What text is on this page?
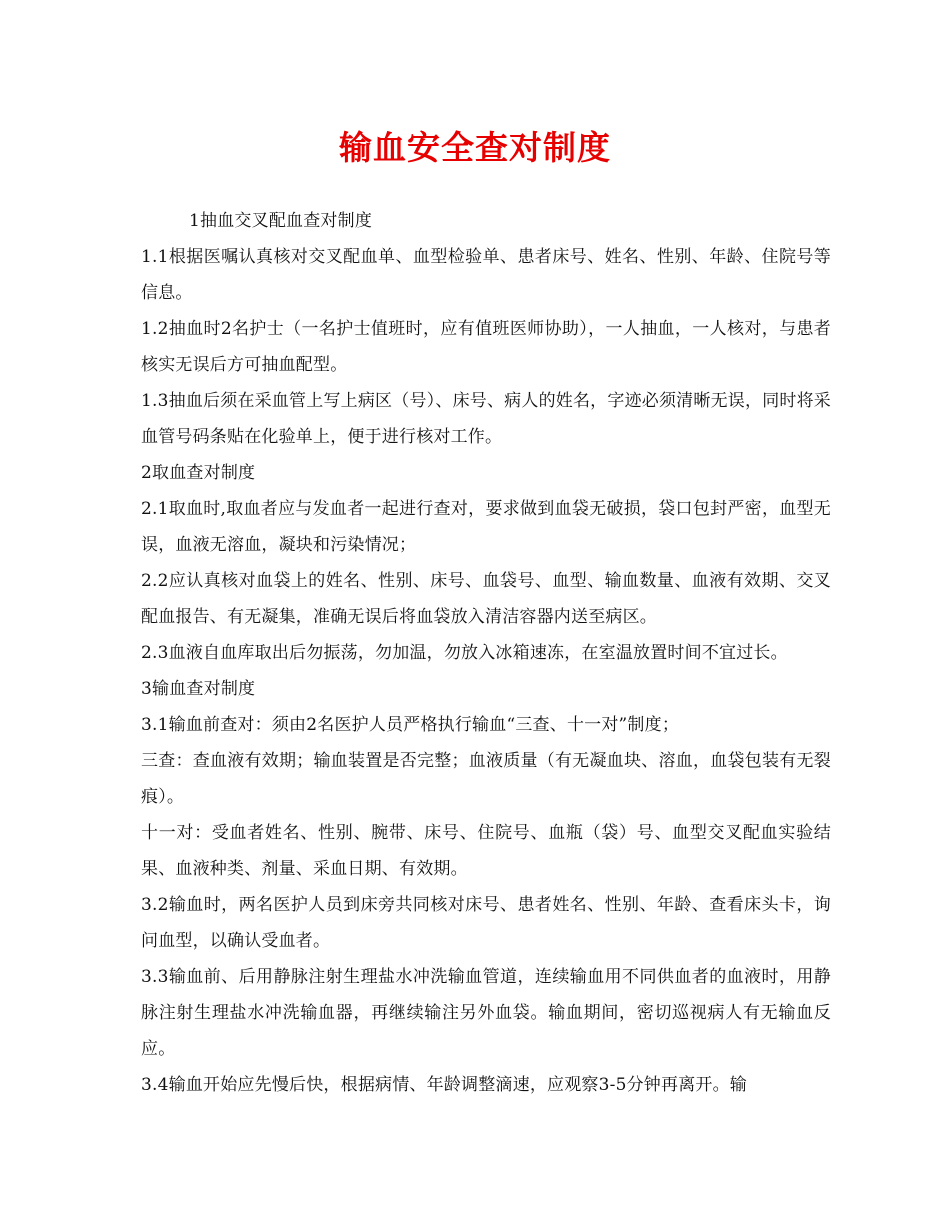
输血安全查对制度

1抽血交叉配血查对制度

1.1根据医嘱认真核对交叉配血单、血型检验单、患者床号、姓名、性别、年龄、住院号等信息。

1.2抽血时2名护士（一名护士值班时，应有值班医师协助），一人抽血，一人核对，与患者核实无误后方可抽血配型。

1.3抽血后须在采血管上写上病区（号）、床号、病人的姓名，字迹必须清晰无误，同时将采血管号码条贴在化验单上，便于进行核对工作。

2取血查对制度

2.1取血时,取血者应与发血者一起进行查对，要求做到血袋无破损，袋口包封严密，血型无误，血液无溶血，凝块和污染情况；

2.2应认真核对血袋上的姓名、性别、床号、血袋号、血型、输血数量、血液有效期、交叉配血报告、有无凝集，准确无误后将血袋放入清洁容器内送至病区。

2.3血液自血库取出后勿振荡，勿加温，勿放入冰箱速冻，在室温放置时间不宜过长。

3输血查对制度

3.1输血前查对：须由2名医护人员严格执行输血“三查、十一对”制度；

三查：查血液有效期；输血装置是否完整；血液质量（有无凝血块、溶血，血袋包装有无裂痕）。

十一对：受血者姓名、性别、腕带、床号、住院号、血瓶（袋）号、血型交叉配血实验结果、血液种类、剂量、采血日期、有效期。

3.2输血时，两名医护人员到床旁共同核对床号、患者姓名、性别、年龄、查看床头卡，询问血型，以确认受血者。

3.3输血前、后用静脉注射生理盐水冲洗输血管道，连续输血用不同供血者的血液时，用静脉注射生理盐水冲洗输血器，再继续输注另外血袋。输血期间，密切巡视病人有无输血反应。

3.4输血开始应先慢后快，根据病情、年龄调整滴速，应观察3-5分钟再离开。输
